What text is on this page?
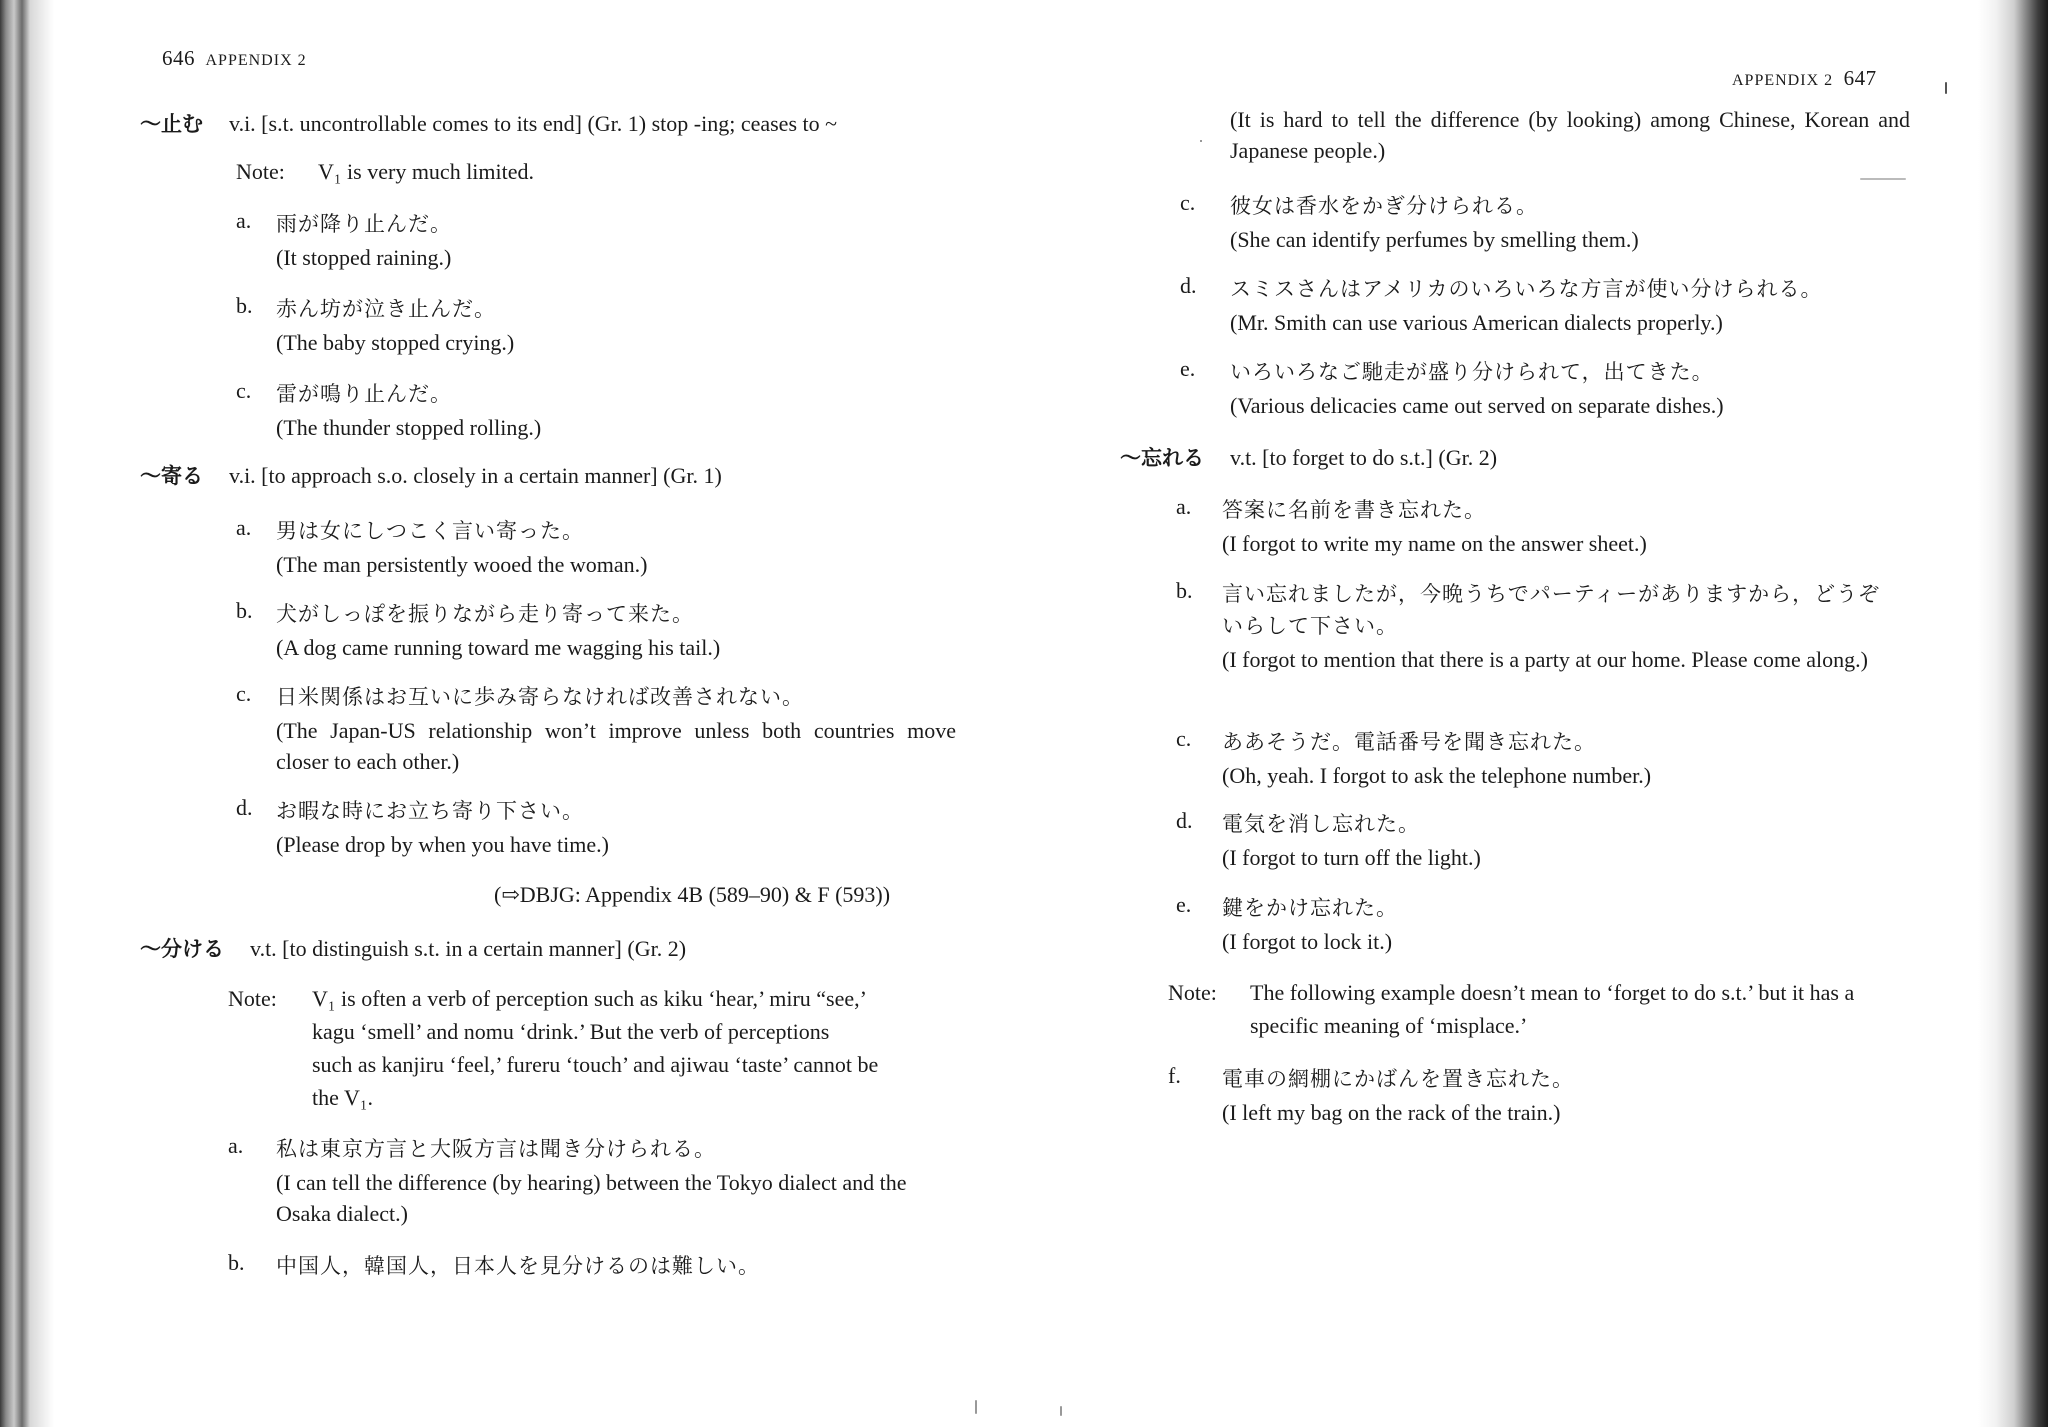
646 APPENDIX 2
～止む v.i. [s.t. uncontrollable comes to its end] (Gr. 1) stop -ing; ceases to ~
Note: V₁ is very much limited.
a. 雨が降り止んだ。
(It stopped raining.)
b. 赤ん坊が泣き止んだ。
(The baby stopped crying.)
c. 雷が鳴り止んだ。
(The thunder stopped rolling.)
～寄る v.i. [to approach s.o. closely in a certain manner] (Gr. 1)
a. 男は女にしつこく言い寄った。
(The man persistently wooed the woman.)
b. 犬がしっぽを振りながら走り寄って来た。
(A dog came running toward me wagging his tail.)
c. 日米関係はお互いに歩み寄らなければ改善されない。
(The Japan-US relationship won’t improve unless both countries move closer to each other.)
d. お暇な時にお立ち寄り下さい。
(Please drop by when you have time.)
(⇨DBJG: Appendix 4B (589–90) & F (593))
～分ける v.t. [to distinguish s.t. in a certain manner] (Gr. 2)
Note: V₁ is often a verb of perception such as kiku ‘hear,’ miru “see,’
kagu ‘smell’ and nomu ‘drink.’ But the verb of perceptions
such as kanjiru ‘feel,’ fureru ‘touch’ and ajiwau ‘taste’ cannot be
the V₁.
a. 私は東京方言と大阪方言は聞き分けられる。
(I can tell the difference (by hearing) between the Tokyo dialect and the Osaka dialect.)
b. 中国人，韓国人，日本人を見分けるのは難しい。
APPENDIX 2 647
(It is hard to tell the difference (by looking) among Chinese, Korean and Japanese people.)
c. 彼女は香水をかぎ分けられる。
(She can identify perfumes by smelling them.)
d. スミスさんはアメリカのいろいろな方言が使い分けられる。
(Mr. Smith can use various American dialects properly.)
e. いろいろなご馳走が盛り分けられて，出てきた。
(Various delicacies came out served on separate dishes.)
～忘れる v.t. [to forget to do s.t.] (Gr. 2)
a. 答案に名前を書き忘れた。
(I forgot to write my name on the answer sheet.)
b. 言い忘れましたが，今晩うちでパーティーがありますから，どうぞ
いらして下さい。
(I forgot to mention that there is a party at our home. Please come along.)
c. ああそうだ。電話番号を聞き忘れた。
(Oh, yeah. I forgot to ask the telephone number.)
d. 電気を消し忘れた。
(I forgot to turn off the light.)
e. 鍵をかけ忘れた。
(I forgot to lock it.)
Note: The following example doesn’t mean to ‘forget to do s.t.’ but it has a specific meaning of ‘misplace.’
f. 電車の網棚にかばんを置き忘れた。
(I left my bag on the rack of the train.)
